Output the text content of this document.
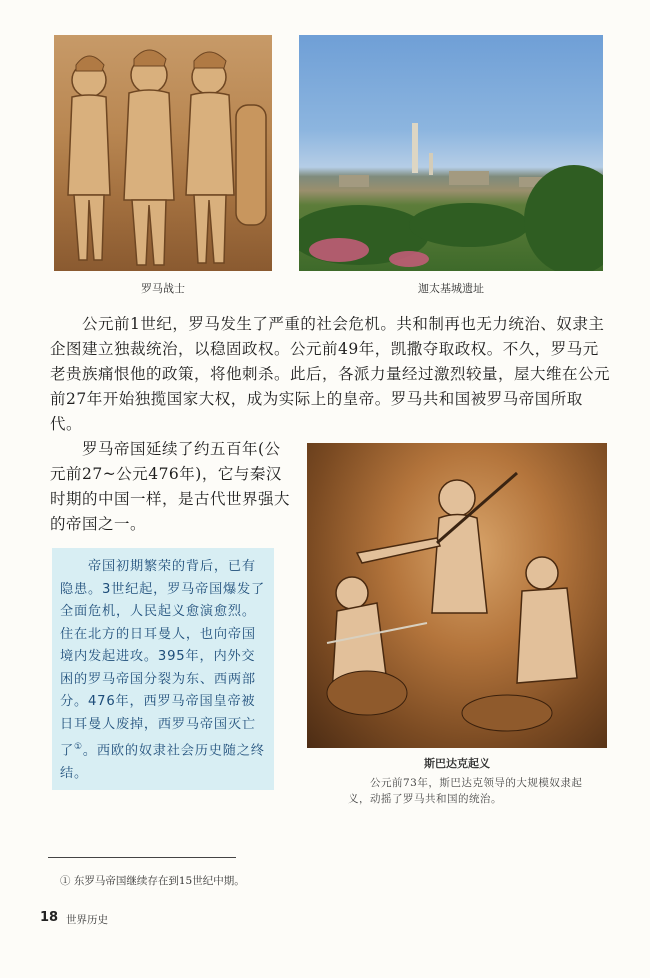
罗马战士	迦太基城遗址

公元前1世纪，罗马发生了严重的社会危机。共和制再也无力统治、奴隶主企图建立独裁统治，以稳固政权。公元前49年，凯撒夺取政权。不久，罗马元老贵族痛恨他的政策，将他刺杀。此后，各派力量经过激烈较量，屋大维在公元前27年开始独揽国家大权，成为实际上的皇帝。罗马共和国被罗马帝国所取代。

罗马帝国延续了约五百年(公元前27~公元476年)，它与秦汉时期的中国一样，是古代世界强大的帝国之一。

帝国初期繁荣的背后，已有隐患。3世纪起，罗马帝国爆发了全面危机，人民起义愈演愈烈。住在北方的日耳曼人，也向帝国境内发起进攻。395年，内外交困的罗马帝国分裂为东、西两部分。476年，西罗马帝国皇帝被日耳曼人废掉，西罗马帝国灭亡了①。西欧的奴隶社会历史随之终结。

斯巴达克起义

公元前73年，斯巴达克领导的大规模奴隶起义，动摇了罗马共和国的统治。

① 东罗马帝国继续存在到15世纪中期。
18 世界历史
